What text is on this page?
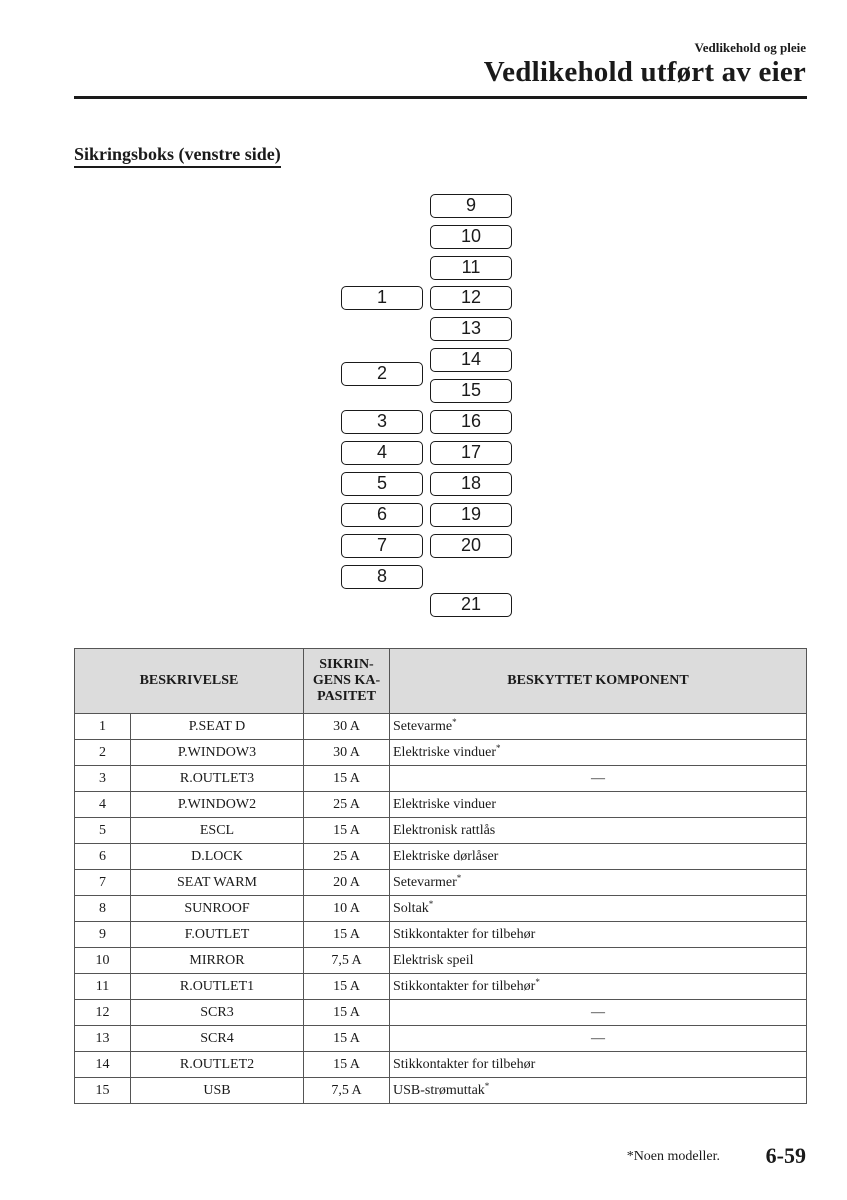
Vedlikehold og pleie
Vedlikehold utført av eier
Sikringsboks (venstre side)
1
2
3
4
5
6
7
8
9
10
11
12
13
14
15
16
17
18
19
20
21
BESKRIVELSE		SIKRIN-
GENS KA-
PASITET	BESKYTTET KOMPONENT
1	P.SEAT D	30 A	Setevarme*
2	P.WINDOW3	30 A	Elektriske vinduer*
3	R.OUTLET3	15 A	—
4	P.WINDOW2	25 A	Elektriske vinduer
5	ESCL	15 A	Elektronisk rattlås
6	D.LOCK	25 A	Elektriske dørlåser
7	SEAT WARM	20 A	Setevarmer*
8	SUNROOF	10 A	Soltak*
9	F.OUTLET	15 A	Stikkontakter for tilbehør
10	MIRROR	7,5 A	Elektrisk speil
11	R.OUTLET1	15 A	Stikkontakter for tilbehør*
12	SCR3	15 A	—
13	SCR4	15 A	—
14	R.OUTLET2	15 A	Stikkontakter for tilbehør
15	USB	7,5 A	USB-strømuttak*
*Noen modeller. 6-59
